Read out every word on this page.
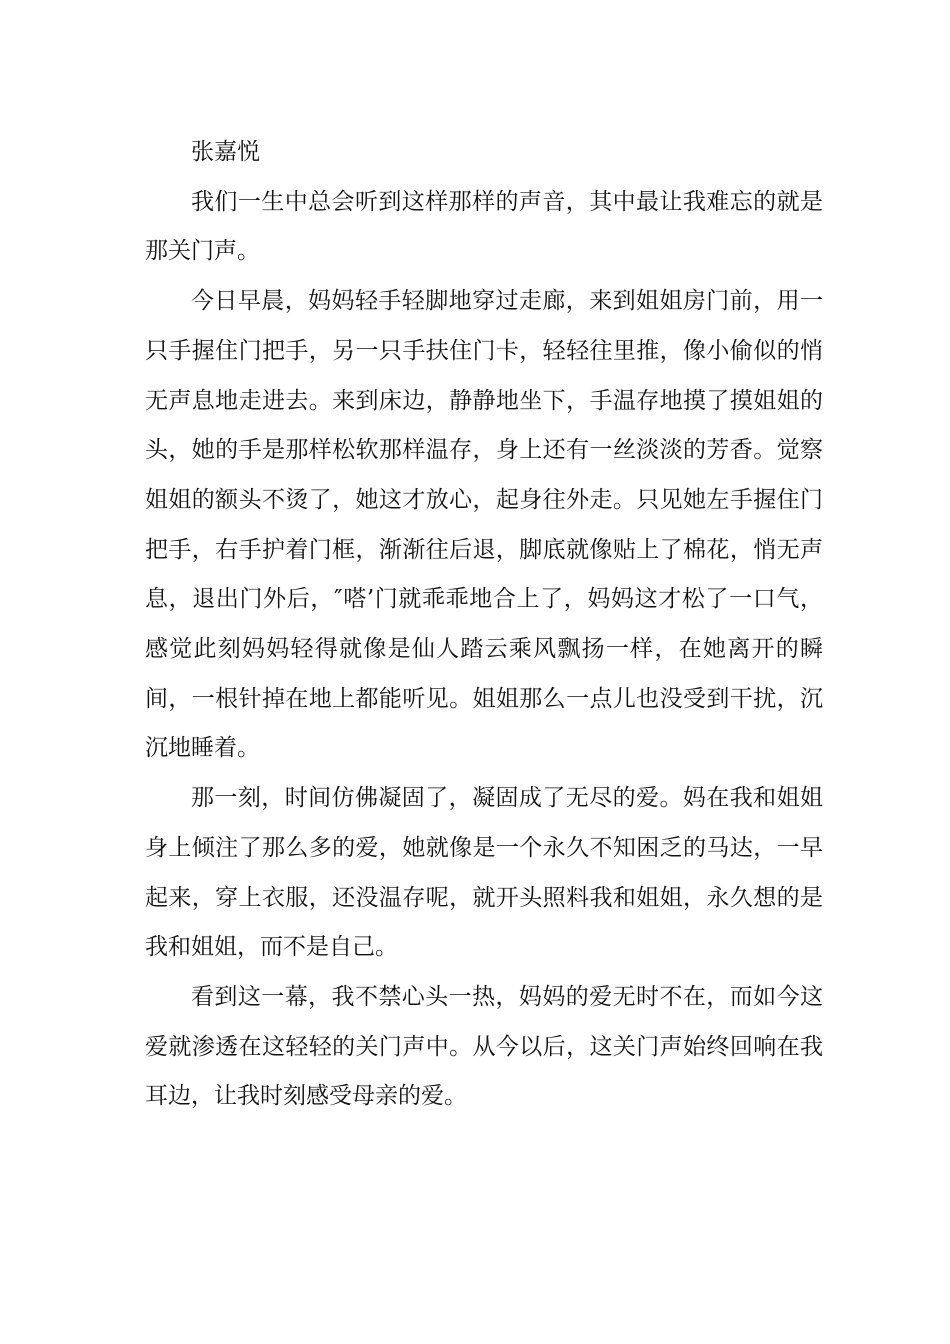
张嘉悦

我们一生中总会听到这样那样的声音，其中最让我难忘的就是那关门声。

今日早晨，妈妈轻手轻脚地穿过走廊，来到姐姐房门前，用一只手握住门把手，另一只手扶住门卡，轻轻往里推，像小偷似的悄无声息地走进去。来到床边，静静地坐下，手温存地摸了摸姐姐的头，她的手是那样松软那样温存，身上还有一丝淡淡的芳香。觉察姐姐的额头不烫了，她这才放心，起身往外走。只见她左手握住门把手，右手护着门框，渐渐往后退，脚底就像贴上了棉花，悄无声息，退出门外后，″嗒’门就乖乖地合上了，妈妈这才松了一口气，感觉此刻妈妈轻得就像是仙人踏云乘风飘扬一样，在她离开的瞬间，一根针掉在地上都能听见。姐姐那么一点儿也没受到干扰，沉沉地睡着。

那一刻，时间仿佛凝固了，凝固成了无尽的爱。妈在我和姐姐身上倾注了那么多的爱，她就像是一个永久不知困乏的马达，一早起来，穿上衣服，还没温存呢，就开头照料我和姐姐，永久想的是我和姐姐，而不是自己。

看到这一幕，我不禁心头一热，妈妈的爱无时不在，而如今这爱就渗透在这轻轻的关门声中。从今以后，这关门声始终回响在我耳边，让我时刻感受母亲的爱。
